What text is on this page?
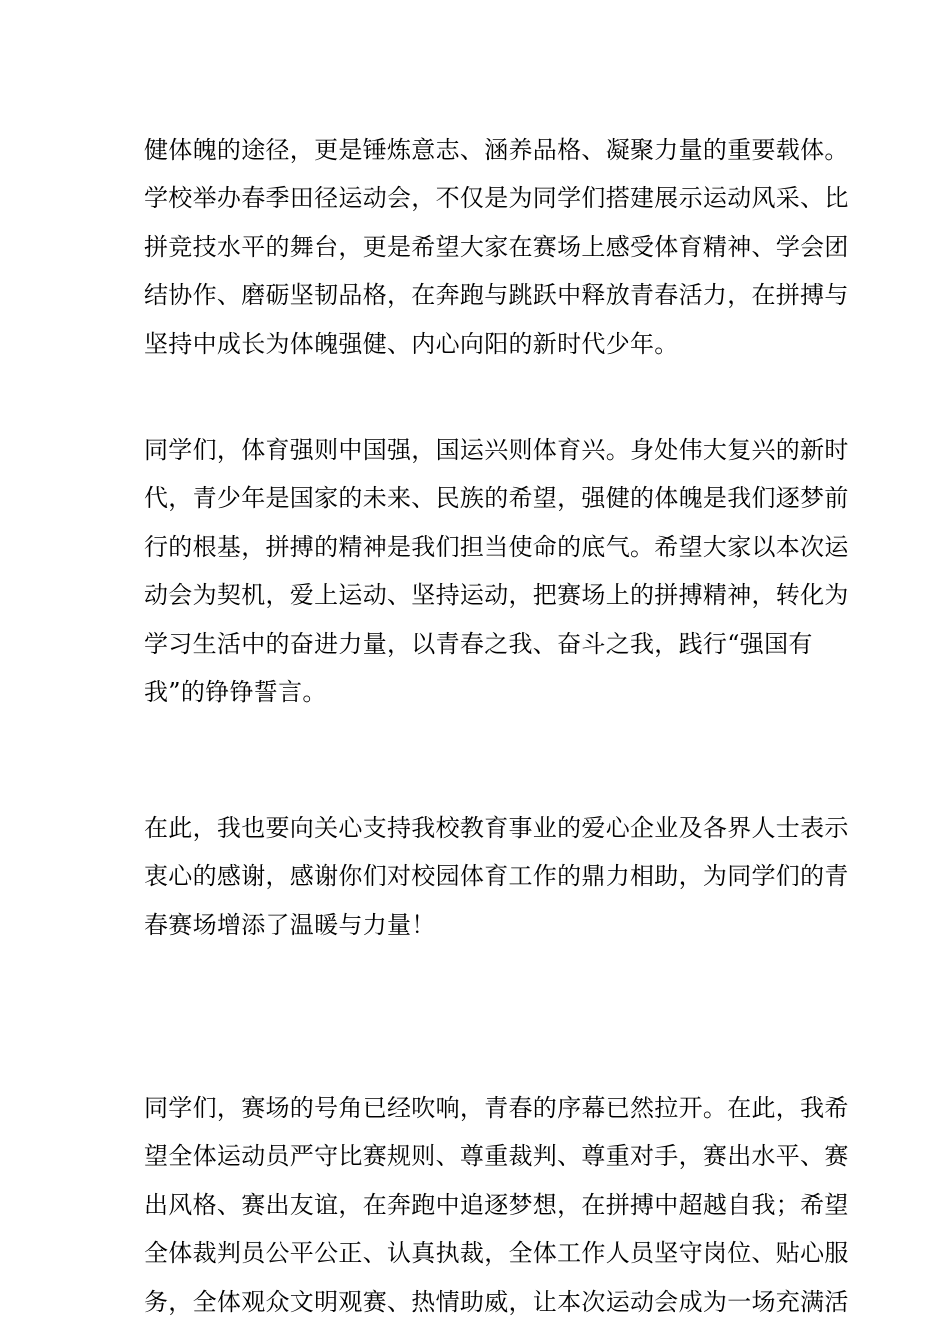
健体魄的途径，更是锤炼意志、涵养品格、凝聚力量的重要载体。
学校举办春季田径运动会，不仅是为同学们搭建展示运动风采、比
拼竞技水平的舞台，更是希望大家在赛场上感受体育精神、学会团
结协作、磨砺坚韧品格，在奔跑与跳跃中释放青春活力，在拼搏与
坚持中成长为体魄强健、内心向阳的新时代少年。
同学们，体育强则中国强，国运兴则体育兴。身处伟大复兴的新时
代，青少年是国家的未来、民族的希望，强健的体魄是我们逐梦前
行的根基，拼搏的精神是我们担当使命的底气。希望大家以本次运
动会为契机，爱上运动、坚持运动，把赛场上的拼搏精神，转化为
学习生活中的奋进力量，以青春之我、奋斗之我，践行“强国有
我”的铮铮誓言。
在此，我也要向关心支持我校教育事业的爱心企业及各界人士表示
衷心的感谢，感谢你们对校园体育工作的鼎力相助，为同学们的青
春赛场增添了温暖与力量！
同学们，赛场的号角已经吹响，青春的序幕已然拉开。在此，我希
望全体运动员严守比赛规则、尊重裁判、尊重对手，赛出水平、赛
出风格、赛出友谊，在奔跑中追逐梦想，在拼搏中超越自我；希望
全体裁判员公平公正、认真执裁，全体工作人员坚守岗位、贴心服
务，全体观众文明观赛、热情助威，让本次运动会成为一场充满活
